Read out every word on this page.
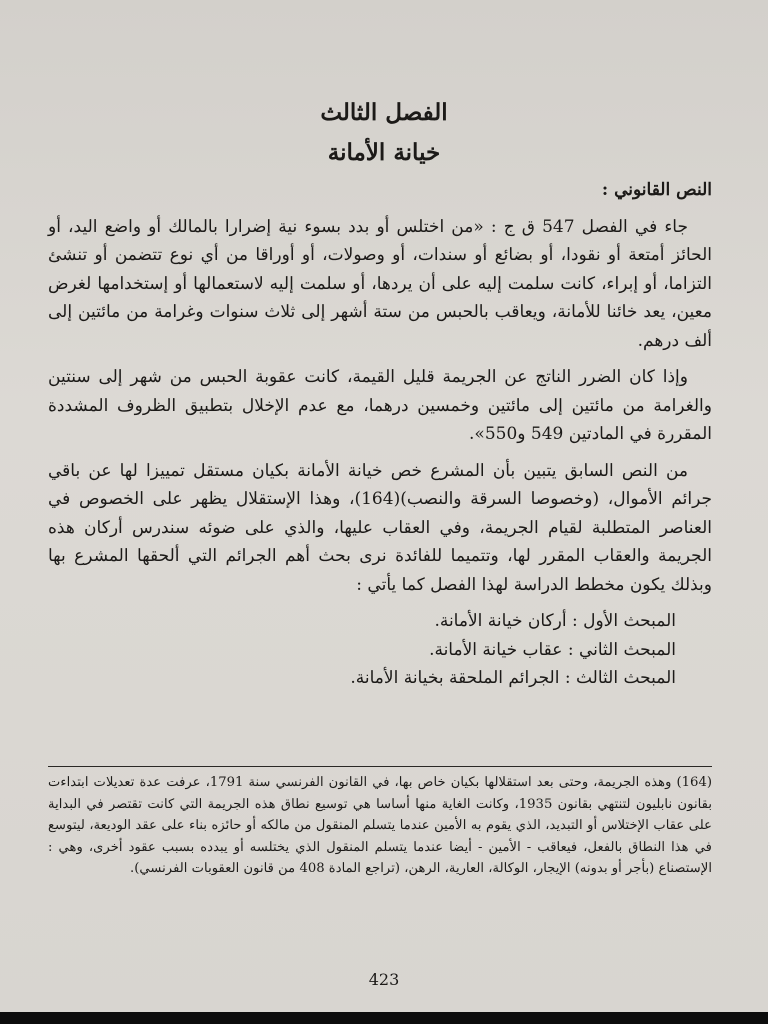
الفصل الثالث
خيانة الأمانة

النص القانوني :

جاء في الفصل 547 ق ج : «من اختلس أو بدد بسوء نية إضرارا بالمالك أو واضع اليد، أو الحائز أمتعة أو نقودا، أو بضائع أو سندات، أو وصولات، أو أوراقا من أي نوع تتضمن أو تنشئ التزاما، أو إبراء، كانت سلمت إليه على أن يردها، أو سلمت إليه لاستعمالها أو إستخدامها لغرض معين، يعد خائنا للأمانة، ويعاقب بالحبس من ستة أشهر إلى ثلاث سنوات وغرامة من مائتين إلى ألف درهم.

وإذا كان الضرر الناتج عن الجريمة قليل القيمة، كانت عقوبة الحبس من شهر إلى سنتين والغرامة من مائتين إلى مائتين وخمسين درهما، مع عدم الإخلال بتطبيق الظروف المشددة المقررة في المادتين 549 و550».

من النص السابق يتبين بأن المشرع خص خيانة الأمانة بكيان مستقل تمييزا لها عن باقي جرائم الأموال، (وخصوصا السرقة والنصب)(164)، وهذا الإستقلال يظهر على الخصوص في العناصر المتطلبة لقيام الجريمة، وفي العقاب عليها، والذي على ضوئه سندرس أركان هذه الجريمة والعقاب المقرر لها، وتتميما للفائدة نرى بحث أهم الجرائم التي ألحقها المشرع بها وبذلك يكون مخطط الدراسة لهذا الفصل كما يأتي :

المبحث الأول : أركان خيانة الأمانة.
المبحث الثاني : عقاب خيانة الأمانة.
المبحث الثالث : الجرائم الملحقة بخيانة الأمانة.

(164) وهذه الجريمة، وحتى بعد استقلالها بكيان خاص بها، في القانون الفرنسي سنة 1791، عرفت عدة تعديلات ابتداءت بقانون نابليون لتنتهي بقانون 1935، وكانت الغاية منها أساسا هي توسيع نطاق هذه الجريمة التي كانت تقتصر في البداية على عقاب الإختلاس أو التبديد، الذي يقوم به الأمين عندما يتسلم المنقول من مالكه أو حائزه بناء على عقد الوديعة، ليتوسع في هذا النطاق بالفعل، فيعاقب - الأمين - أيضا عندما يتسلم المنقول الذي يختلسه أو يبدده بسبب عقود أخرى، وهي : الإستصناع (بأجر أو بدونه) الإيجار، الوكالة، العارية، الرهن، (تراجع المادة 408 من قانون العقوبات الفرنسي).

423
